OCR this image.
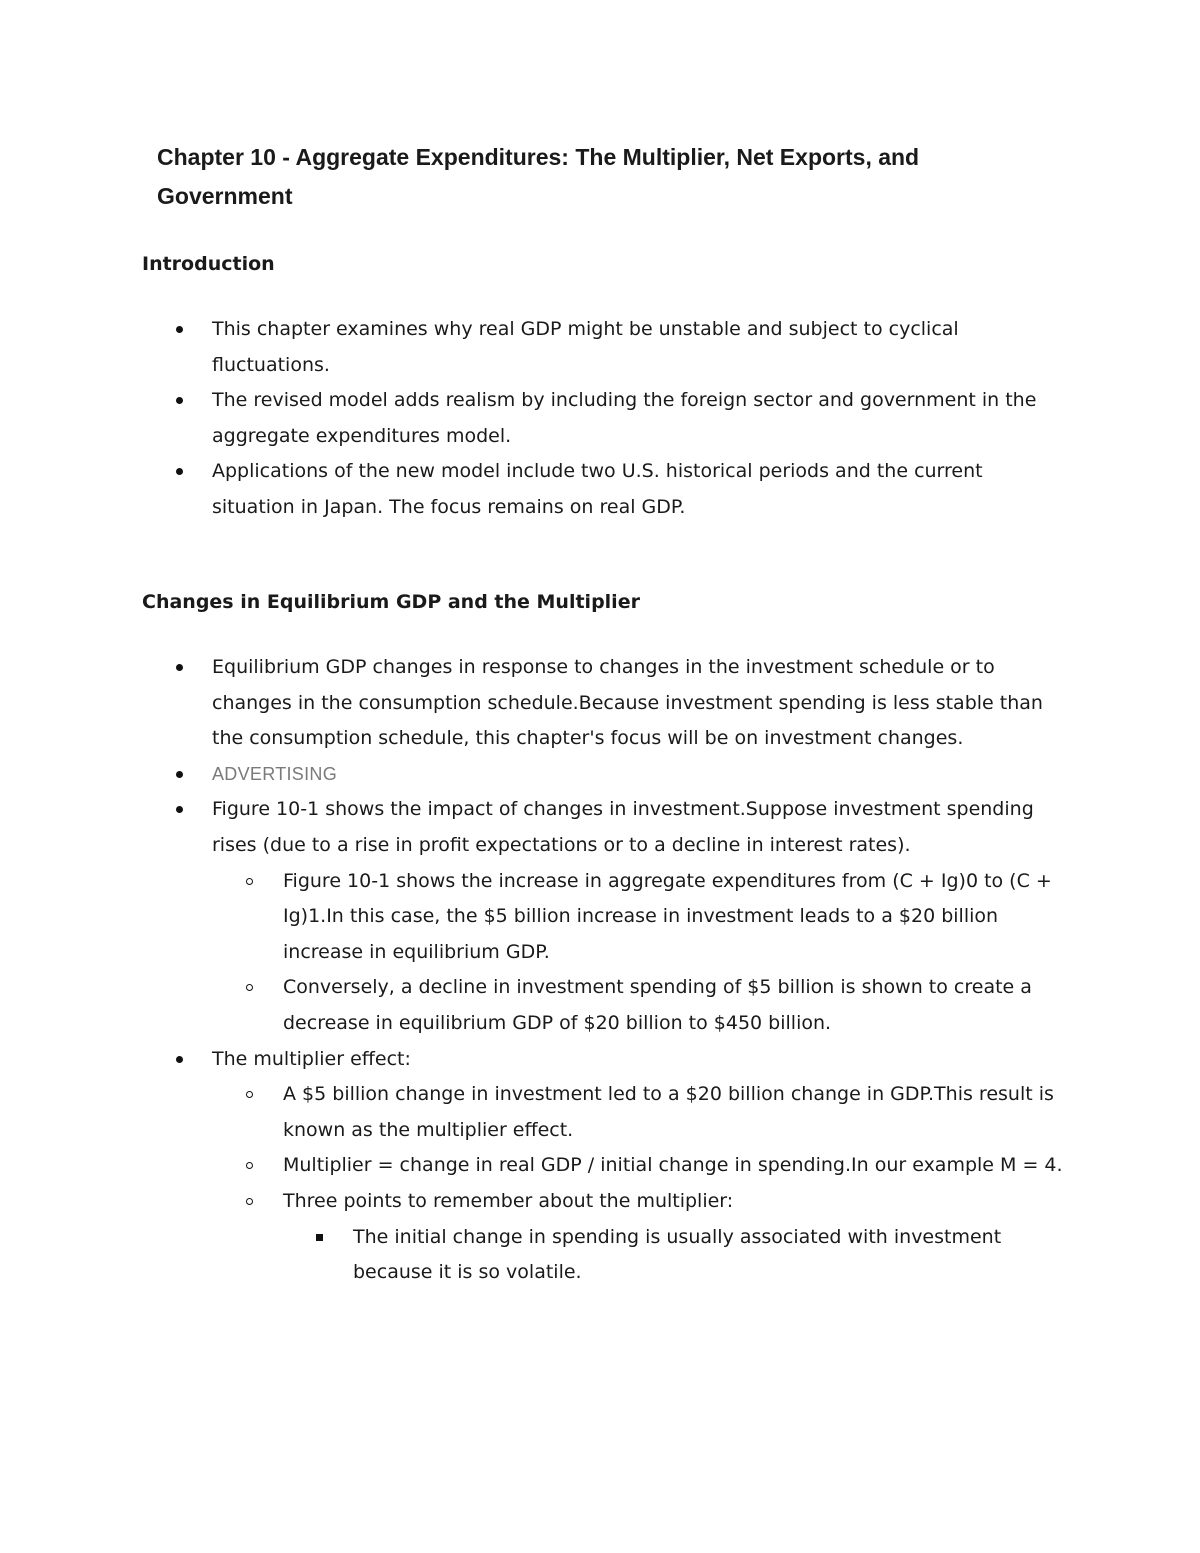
Chapter 10 - Aggregate Expenditures: The Multiplier, Net Exports, and Government
Introduction
This chapter examines why real GDP might be unstable and subject to cyclical fluctuations.
The revised model adds realism by including the foreign sector and government in the aggregate expenditures model.
Applications of the new model include two U.S. historical periods and the current situation in Japan. The focus remains on real GDP.
Changes in Equilibrium GDP and the Multiplier
Equilibrium GDP changes in response to changes in the investment schedule or to changes in the consumption schedule.Because investment spending is less stable than the consumption schedule, this chapter's focus will be on investment changes.
ADVERTISING
Figure 10-1 shows the impact of changes in investment.Suppose investment spending rises (due to a rise in profit expectations or to a decline in interest rates).
Figure 10-1 shows the increase in aggregate expenditures from (C + Ig)0 to (C + Ig)1.In this case, the $5 billion increase in investment leads to a $20 billion increase in equilibrium GDP.
Conversely, a decline in investment spending of $5 billion is shown to create a decrease in equilibrium GDP of $20 billion to $450 billion.
The multiplier effect:
A $5 billion change in investment led to a $20 billion change in GDP.This result is known as the multiplier effect.
Multiplier = change in real GDP / initial change in spending.In our example M = 4.
Three points to remember about the multiplier:
The initial change in spending is usually associated with investment because it is so volatile.
